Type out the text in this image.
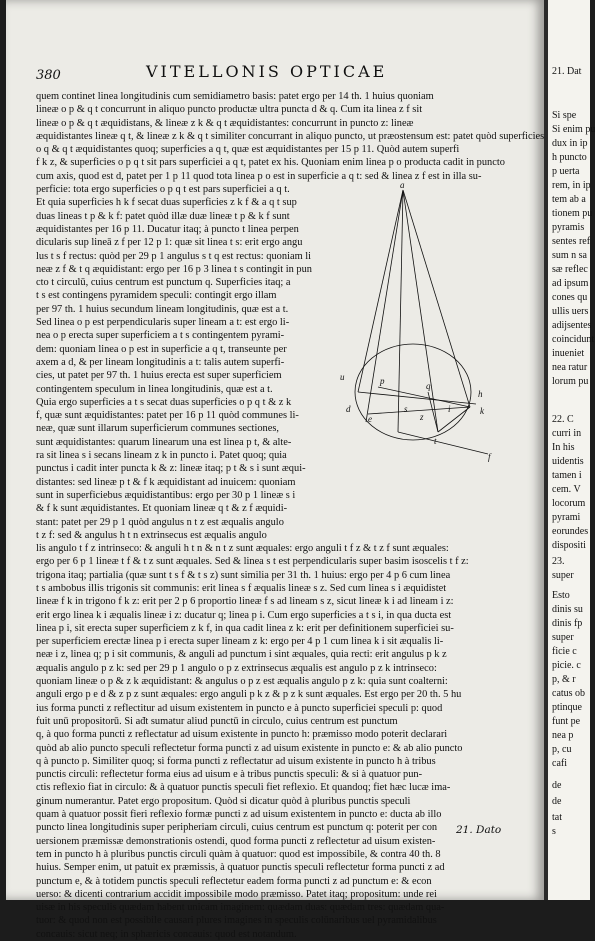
380	VITELLONIS OPTICAE
quem continet linea longitudinis cum semidiametro basis: patet ergo per 14 th. 1 huius quoniam
lineæ o p & q t concurrunt in aliquo puncto productæ ultra puncta d & q. Cum ita linea z f sit
lineæ o p & q t æquidistans, & lineæ z k & q t æquidistantes: concurrunt in puncto z: lineæ
æquidistantes lineæ q t, & lineæ z k & q t similiter concurrant in aliquo puncto, ut præostensum est: patet quòd superficies
o q & q t æquidistantes quoq; superficies a q t, quæ est æquidistantes per 15 p 11. Quòd autem superfi
f k z, & superficies o p q t sit pars superficiei a q t, patet ex his. Quoniam enim linea p o producta cadit in puncto
cum axis, quod est d, patet per 1 p 11 quod tota linea p o est in superficie a q t: sed & linea z f est in illa su-
perficie: tota ergo superficies o p q t est pars superficiei a q t.
Et quia superficies h k f secat duas superficies z k f & a q t sup
duas lineas t p & k f: patet quòd illæ duæ lineæ t p & k f sunt
æquidistantes per 16 p 11. Ducatur itaq; à puncto t linea perpen
dicularis sup lineā z f per 12 p 1: quæ sit linea t s: erit ergo angu
lus t s f rectus: quòd per 29 p 1 angulus s t q est rectus: quoniam li
neæ z f & t q æquidistant: ergo per 16 p 3 linea t s contingit in pun
cto t circulū, cuius centrum est punctum q. Superficies itaq; a
t s est contingens pyramidem speculi: contingit ergo illam
per 97 th. 1 huius secundum lineam longitudinis, quæ est a t.
Sed linea o p est perpendicularis super lineam a t: est ergo li-
nea o p erecta super superficiem a t s contingentem pyrami-
dem: quoniam linea o p est in superficie a q t, transeunte per
axem a d, & per lineam longitudinis a t: talis autem superfi-
cies, ut patet per 97 th. 1 huius erecta est super superficiem
contingentem speculum in linea longitudinis, quæ est a t.
Quia ergo superficies a t s secat duas superficies o p q t & z k
f, quæ sunt æquidistantes: patet per 16 p 11 quòd communes li-
neæ, quæ sunt illarum superficierum communes sectiones,
sunt æquidistantes: quarum linearum una est linea p t, & alte-
ra sit linea s i secans lineam z k in puncto i. Patet quoq; quia
punctus i cadit inter puncta k & z: lineæ itaq; p t & s i sunt æqui-
distantes: sed lineæ p t & f k æquidistant ad inuicem: quoniam
sunt in superficiebus æquidistantibus: ergo per 30 p 1 lineæ s i
& f k sunt æquidistantes. Et quoniam lineæ q t & z f æquidi-
stant: patet per 29 p 1 quòd angulus n t z est æqualis angulo
t z f: sed & angulus h t n extrinsecus est æqualis angulo
lis angulo t f z intrinseco: & anguli h t n & n t z sunt æquales: ergo anguli t f z & t z f sunt æquales:
ergo per 6 p 1 lineæ t f & t z sunt æquales. Sed & linea s t est perpendicularis super basim isoscelis t f z:
trigona itaq; partialia (quæ sunt t s f & t s z) sunt similia per 31 th. 1 huius: ergo per 4 p 6 cum linea
t s ambobus illis trigonis sit communis: erit linea s f æqualis lineæ s z. Sed cum linea s i æquidistet
lineæ f k in trigono f k z: erit per 2 p 6 proportio lineæ f s ad lineam s z, sicut lineæ k i ad lineam i z:
erit ergo linea k i æqualis lineæ i z: ducatur q; linea p i. Cum ergo superficies a t s i, in qua ducta est
linea p i, sit erecta super superficiem z k f, in qua cadit linea z k: erit per definitionem superficiei su-
per superficiem erectæ linea p i erecta super lineam z k: ergo per 4 p 1 cum linea k i sit æqualis li-
neæ i z, linea q; p i sit communis, & anguli ad punctum i sint æquales, quia recti: erit angulus p k z
æqualis angulo p z k: sed per 29 p 1 angulo o p z extrinsecus æqualis est angulo p z k intrinseco:
quoniam lineæ o p & z k æquidistant: & angulus o p z est æqualis angulo p z k: quia sunt coalterni:
anguli ergo p e d & z p z sunt æquales: ergo anguli p k z & p z k sunt æquales. Est ergo per 20 th. 5 hu
ius forma puncti z reflectitur ad uisum existentem in puncto e à puncto superficiei speculi p: quod
fuit unū propositorū. Si ađt sumatur aliud punctū in circulo, cuius centrum est punctum
q, à quo forma puncti z reflectatur ad uisum existente in puncto h: præmisso modo poterit declarari
quòd ab alio puncto speculi reflectetur forma puncti z ad uisum existente in puncto e: & ab alio puncto
q à puncto p. Similiter quoq; si forma puncti z reflectatur ad uisum existente in puncto h à tribus
punctis circuli: reflectetur forma eius ad uisum e à tribus punctis speculi: & si à quatuor pun-
ctis reflexio fiat in circulo: & à quatuor punctis speculi fiet reflexio. Et quandoq; fiet hæc lucæ ima-
ginum numerantur. Patet ergo propositum. Quòd si dicatur quòd à pluribus punctis speculi
quam à quatuor possit fieri reflexio formæ puncti z ad uisum existentem in puncto e: ducta ab illo
puncto linea longitudinis super peripheriam circuli, cuius centrum est punctum q: poterit per con
uersionem præmissæ demonstrationis ostendi, quod forma puncti z reflectetur ad uisum existen-
tem in puncto h à pluribus punctis circuli quàm à quatuor: quod est impossibile, & contra 40 th. 8
huius. Semper enim, ut patuit ex præmissis, à quatuor punctis speculi reflectetur forma puncti z ad
punctum e, & à totidem punctis speculi reflectetur eadem forma puncti z ad punctum e: & econ
uerso: & dicenti contrarium accidit impossibile modo præmisso. Patet itaq; propositum: unde rei
uisæ in his speculis quædam habent unicam imaginem: quædam duas: quædam tres: quædam qua-
tuor: & quod non est possibile causari plures imagines in speculis colūnaribus uel pyramidalibus
concauis: sicut neq; in sphæricis concauis: quod est notandum.
a
u
h
d	k
p	q
i
e
s
z
t
f
21. Dato
21. Dat
Si spe
Si enim pu
dux in ip
h puncto
p uerta
rem, in ip
tem ab a
tionem pu
pyramis
sentes ref
sum n sa
sæ reflec
ad ipsum
cones qu
ullis uers
adijsentes
coincidunt
inueniet
nea ratur
lorum pu
22. C
curri in
In his
uidentis
tamen i
cem. V
locorum
pyrami
eorundes
dispositi
23.
super
Esto
dinis su
dinis fp
super
ficie c
picie. c
p, & r
catus ob
ptinque
funt pe
nea p
p, cu
cafi
de
de
tat
s
